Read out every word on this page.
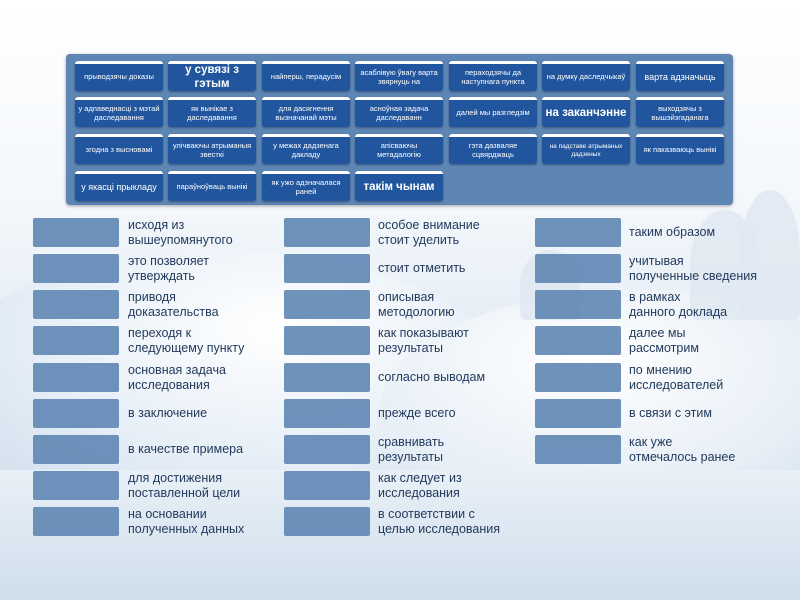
прыводзячы доказы
у сувязі з гэтым
найперш, перадусім	асаблівую ўвагу варта звярнуць на
пераходзячы да наступнага пункта	на думку даследчыкаў	варта адзначыць
у адпаведнасці з мэтай даследавання
як вынікае з даследавання
для дасягнення вызначанай мэты
асноўная задача даследаванн	далей мы разгледзім	на заканчэнне	выходзячы з вышэйзгаданага
згодна з высновамі	улічваючы атрыманыя звесткі
у межах дадзенага дакладу
апісваючы метадалогію
гэта дазваляе сцвярджаць
на падставе атрыманых дадзеных	як паказваюць вынікі
у якасці прыкладу	параўноўваць вынікі	як ужо адзначалася раней	такім чынам
исходя из
вышеупомянутого
это позволяет
утверждать
приводя
доказательства
переходя к
следующему пункту
основная задача
исследования
в заключение
в качестве примера
для достижения
поставленной цели
на основании
полученных данных
особое внимание
стоит уделить
стоит отметить
описывая
методологию
как показывают
результаты
согласно выводам
прежде всего
сравнивать
результаты
как следует из
исследования
в соответствии с
целью исследования
таким образом
учитывая
полученные сведения
в рамках
данного доклада
далее мы
рассмотрим
по мнению
исследователей
в связи с этим
как уже
отмечалось ранее
